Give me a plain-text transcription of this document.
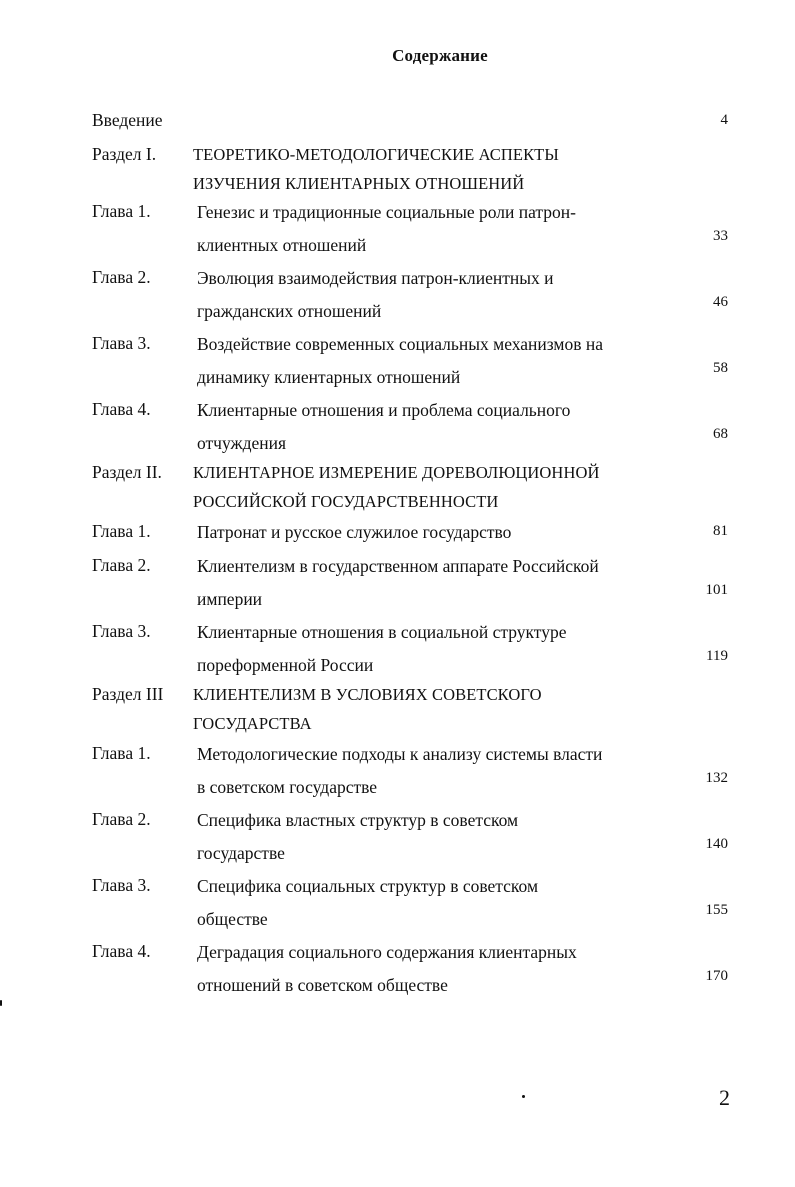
Содержание
Введение	4
Раздел I. ТЕОРЕТИКО-МЕТОДОЛОГИЧЕСКИЕ АСПЕКТЫ
ИЗУЧЕНИЯ КЛИЕНТАРНЫХ ОТНОШЕНИЙ
Глава 1.	Генезис и традиционные социальные роли патрон-
клиентных отношений	33
Глава 2.	Эволюция взаимодействия патрон-клиентных и
гражданских отношений	46
Глава 3.	Воздействие современных социальных механизмов на
динамику клиентарных отношений	58
Глава 4.	Клиентарные отношения и проблема социального
отчуждения	68
Раздел II. КЛИЕНТАРНОЕ ИЗМЕРЕНИЕ ДОРЕВОЛЮЦИОННОЙ
РОССИЙСКОЙ ГОСУДАРСТВЕННОСТИ
Глава 1.	Патронат и русское служилое государство	81
Глава 2.	Клиентелизм в государственном аппарате Российской
империи	101
Глава 3.	Клиентарные отношения в социальной структуре
пореформенной России	119
Раздел III КЛИЕНТЕЛИЗМ В УСЛОВИЯХ СОВЕТСКОГО
ГОСУДАРСТВА
Глава 1.	Методологические подходы к анализу системы власти
в советском государстве	132
Глава 2.	Специфика властных структур в советском
государстве	140
Глава 3.	Специфика социальных структур в советском
обществе	155
Глава 4.	Деградация социального содержания клиентарных
отношений в советском обществе	170
2
